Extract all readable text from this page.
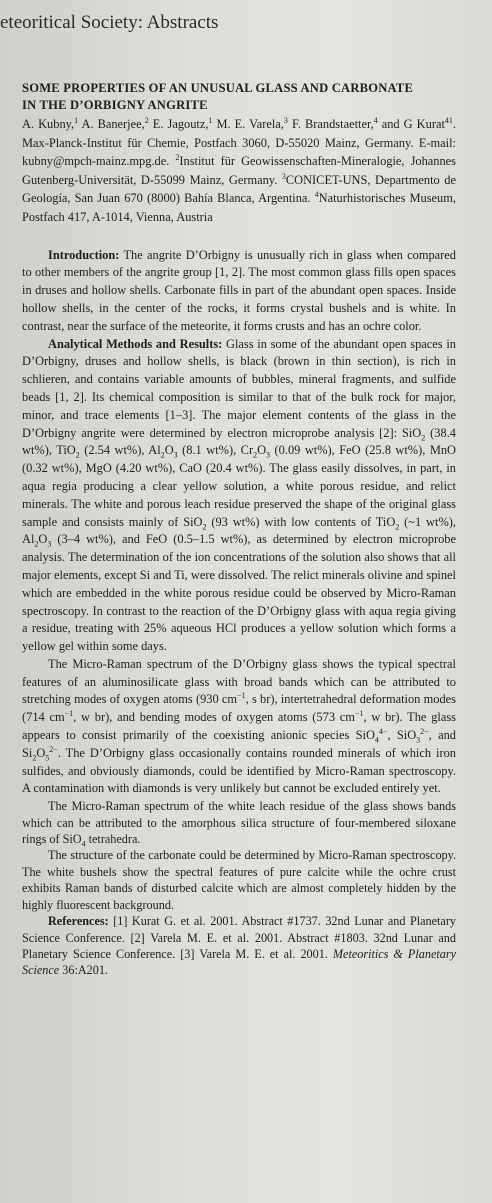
eteoritical Society: Abstracts

SOME PROPERTIES OF AN UNUSUAL GLASS AND CARBONATE
IN THE D’ORBIGNY ANGRITE

A. Kubny,$^1$ A. Banerjee,$^2$ E. Jagoutz,$^1$ M. E. Varela,$^3$ F. Brandstaetter,$^4$ and G Kurat$^{41}$. Max-Planck-Institut für Chemie, Postfach 3060, D-55020 Mainz, Germany. E-mail: kubny@mpch-mainz.mpg.de. $^2$Institut für Geowissenschaften-Mineralogie, Johannes Gutenberg-Universität, D-55099 Mainz, Germany. $^3$CONICET-UNS, Departmento de Geología, San Juan 670 (8000) Bahía Blanca, Argentina. $^4$Naturhistorisches Museum, Postfach 417, A-1014, Vienna, Austria

Introduction: The angrite D’Orbigny is unusually rich in glass when compared to other members of the angrite group [1, 2]. The most common glass fills open spaces in druses and hollow shells. Carbonate fills in part of the abundant open spaces. Inside hollow shells, in the center of the rocks, it forms crystal bushels and is white. In contrast, near the surface of the meteorite, it forms crusts and has an ochre color.

Analytical Methods and Results: Glass in some of the abundant open spaces in D’Orbigny, druses and hollow shells, is black (brown in thin section), is rich in schlieren, and contains variable amounts of bubbles, mineral fragments, and sulfide beads [1, 2]. Its chemical composition is similar to that of the bulk rock for major, minor, and trace elements [1–3]. The major element contents of the glass in the D’Orbigny angrite were determined by electron microprobe analysis [2]: SiO$_2$ (38.4 wt%), TiO$_2$ (2.54 wt%), $Al_2O_3$ (8.1 wt%), $Cr_2O_3$ (0.09 wt%), FeO (25.8 wt%), MnO (0.32 wt%), MgO (4.20 wt%), CaO (20.4 wt%). The glass easily dissolves, in part, in aqua regia producing a clear yellow solution, a white porous residue, and relict minerals. The white and porous leach residue preserved the shape of the original glass sample and consists mainly of SiO$_2$ (93 wt%) with low contents of TiO$_2$ (~1 wt%), $Al_2O_3$ (3–4 wt%), and FeO (0.5–1.5 wt%), as determined by electron microprobe analysis. The determination of the ion concentrations of the solution also shows that all major elements, except Si and Ti, were dissolved. The relict minerals olivine and spinel which are embedded in the white porous residue could be observed by Micro-Raman spectroscopy. In contrast to the reaction of the D’Orbigny glass with aqua regia giving a residue, treating with 25% aqueous HCl produces a yellow solution which forms a yellow gel within some days.

The Micro-Raman spectrum of the D’Orbigny glass shows the typical spectral features of an aluminosilicate glass with broad bands which can be attributed to stretching modes of oxygen atoms (930 $cm^{-1}$, s br), intertetrahedral deformation modes (714 $cm^{-1}$, w br), and bending modes of oxygen atoms (573 $cm^{-1}$, w br). The glass appears to consist primarily of the coexisting anionic species SiO$_4^{4-}$, SiO$_3^{2-}$, and $Si_2O_5^{2-}$. The D’Orbigny glass occasionally contains rounded minerals of which iron sulfides, and obviously diamonds, could be identified by Micro-Raman spectroscopy. A contamination with diamonds is very unlikely but cannot be excluded entirely yet.

The Micro-Raman spectrum of the white leach residue of the glass shows bands which can be attributed to the amorphous silica structure of four-membered siloxane rings of SiO$_4$ tetrahedra.

The structure of the carbonate could be determined by Micro-Raman spectroscopy. The white bushels show the spectral features of pure calcite while the ochre crust exhibits Raman bands of disturbed calcite which are almost completely hidden by the highly fluorescent background.

References: [1] Kurat G. et al. 2001. Abstract #1737. 32nd Lunar and Planetary Science Conference. [2] Varela M. E. et al. 2001. Abstract #1803. 32nd Lunar and Planetary Science Conference. [3] Varela M. E. et al. 2001. Meteoritics & Planetary Science 36:A201.
